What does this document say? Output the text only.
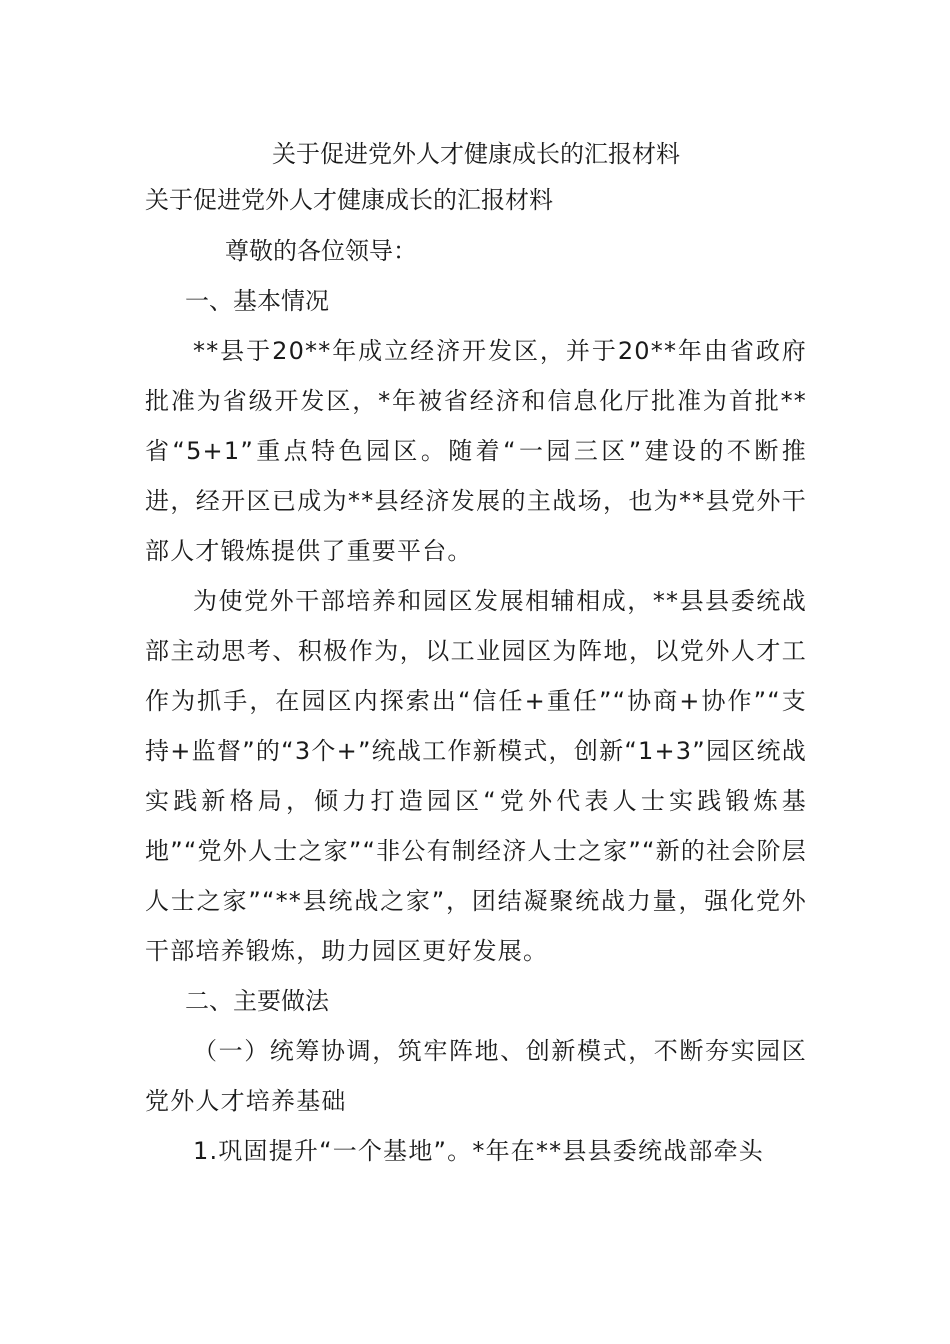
关于促进党外人才健康成长的汇报材料
关于促进党外人才健康成长的汇报材料
尊敬的各位领导：
一、基本情况

**县于20**年成立经济开发区，并于20**年由省政府批准为省级开发区，*年被省经济和信息化厅批准为首批**省“5+1”重点特色园区。随着“一园三区”建设的不断推进，经开区已成为**县经济发展的主战场，也为**县党外干部人才锻炼提供了重要平台。

为使党外干部培养和园区发展相辅相成，**县县委统战部主动思考、积极作为，以工业园区为阵地，以党外人才工作为抓手，在园区内探索出“信任+重任”“协商+协作”“支持+监督”的“3个+”统战工作新模式，创新“1+3”园区统战实践新格局，倾力打造园区“党外代表人士实践锻炼基地”“党外人士之家”“非公有制经济人士之家”“新的社会阶层人士之家”“**县统战之家”，团结凝聚统战力量，强化党外干部培养锻炼，助力园区更好发展。

二、主要做法

（一）统筹协调，筑牢阵地、创新模式，不断夯实园区党外人才培养基础

1.巩固提升“一个基地”。*年在**县县委统战部牵头
